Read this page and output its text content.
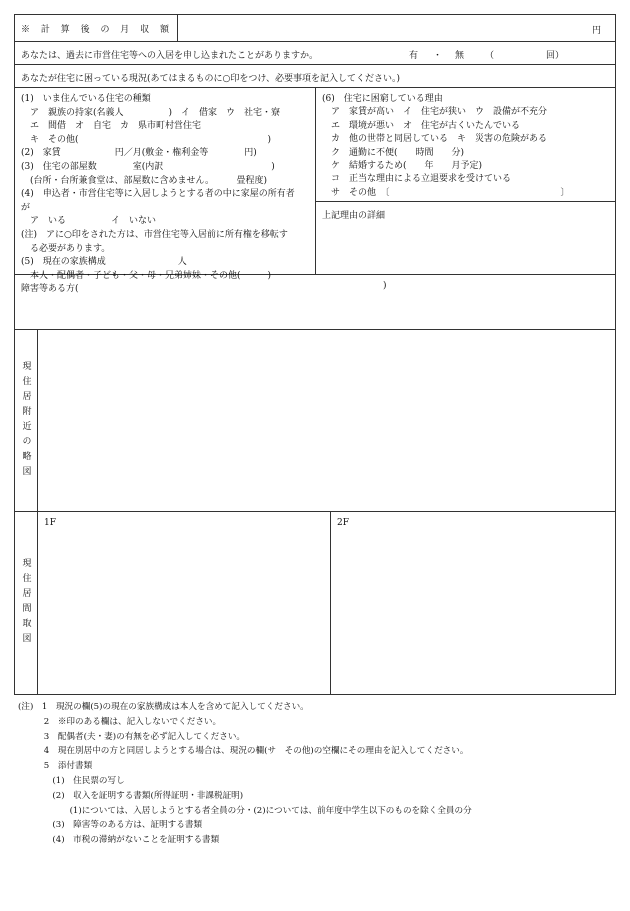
※ 計 算 後 の 月 収 額	円
あなたは、過去に市営住宅等への入居を申し込まれたことがありますか。	有 ・ 無 （	回）
あなたが住宅に困っている現況(あてはまるものに○印をつけ、必要事項を記入してください。)
(1)　いま住んでいる住宅の種類
　ア　親族の持家(名義人　　　　　)　イ　借家　ウ　社宅・寮
　エ　間借　オ　自宅　カ　県市町村営住宅
　キ　その他(　　　　　　　　　　　　　　　　　　　　　)
(2)　家賃　　　　　　円／月(敷金・権利金等　　　　円)
(3)　住宅の部屋数　　　　室(内訳　　　　　　　　　　　　)
　(台所・台所兼食堂は、部屋数に含めません。　　　畳程度)
(4)　申込者・市営住宅等に入居しようとする者の中に家屋の所有者
が
　ア　いる　　　　　イ　いない
(注)　アに○印をされた方は、市営住宅等入居前に所有権を移転す
　る必要があります。
(5)　現在の家族構成　　　　　　　　人
　本人・配偶者・子ども・父・母・兄弟姉妹・その他(　　　)
(6)　住宅に困窮している理由
　ア　家賃が高い　イ　住宅が狭い　ウ　設備が不充分
　エ　環境が悪い　オ　住宅が古くいたんでいる
　カ　他の世帯と同居している　キ　災害の危険がある
　ク　通勤に不便(　　時間　　分)
　ケ　結婚するため(　　年　　月予定)
　コ　正当な理由による立退要求を受けている
　サ　その他　〔　　　　　　　　　　　　　　　　　　　〕
上記理由の詳細
障害等ある方(	)
現住居附近の略図
現住居間取図
1F	2F
(注)　1　現況の欄(5)の現在の家族構成は本人を含めて記入してください。
　　　2　※印のある欄は、記入しないでください。
　　　3　配偶者(夫・妻)の有無を必ず記入してください。
　　　4　現在別居中の方と同居しようとする場合は、現況の欄(サ　その他)の空欄にその理由を記入してください。
　　　5　添付書類
　　　　(1)　住民票の写し
　　　　(2)　収入を証明する書類(所得証明・非課税証明)
　　　　　　(1)については、入居しようとする者全員の分・(2)については、前年度中学生以下のものを除く全員の分
　　　　(3)　障害等のある方は、証明する書類
　　　　(4)　市税の滞納がないことを証明する書類
